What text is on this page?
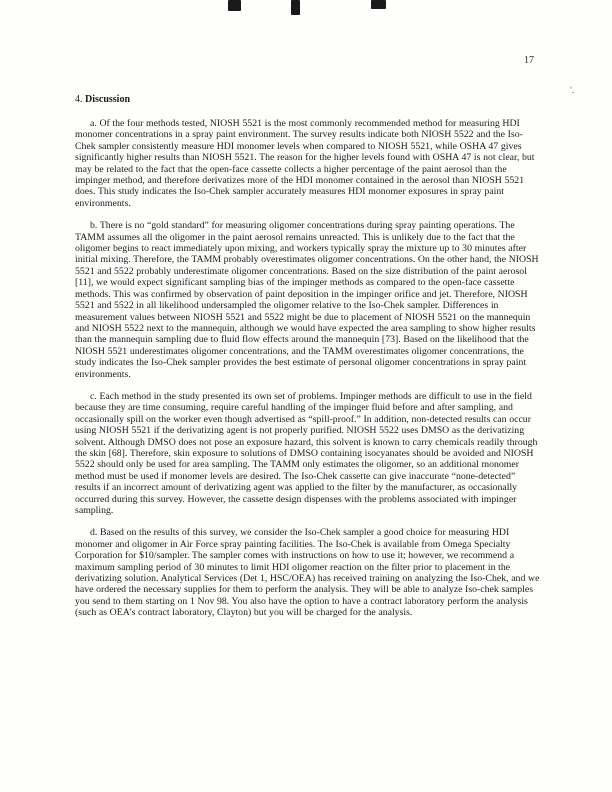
17
'.
4. Discussion

a. Of the four methods tested, NIOSH 5521 is the most commonly recommended method for measuring HDI monomer concentrations in a spray paint environment. The survey results indicate both NIOSH 5522 and the Iso-Chek sampler consistently measure HDI monomer levels when compared to NIOSH 5521, while OSHA 47 gives significantly higher results than NIOSH 5521. The reason for the higher levels found with OSHA 47 is not clear, but may be related to the fact that the open-face cassette collects a higher percentage of the paint aerosol than the impinger method, and therefore derivatizes more of the HDI monomer contained in the aerosol than NIOSH 5521 does. This study indicates the Iso-Chek sampler accurately measures HDI monomer exposures in spray paint environments.

b. There is no “gold standard” for measuring oligomer concentrations during spray painting operations. The TAMM assumes all the oligomer in the paint aerosol remains unreacted. This is unlikely due to the fact that the oligomer begins to react immediately upon mixing, and workers typically spray the mixture up to 30 minutes after initial mixing. Therefore, the TAMM probably overestimates oligomer concentrations. On the other hand, the NIOSH 5521 and 5522 probably underestimate oligomer concentrations. Based on the size distribution of the paint aerosol [11], we would expect significant sampling bias of the impinger methods as compared to the open-face cassette methods. This was confirmed by observation of paint deposition in the impinger orifice and jet. Therefore, NIOSH 5521 and 5522 in all likelihood undersampled the oligomer relative to the Iso-Chek sampler. Differences in measurement values between NIOSH 5521 and 5522 might be due to placement of NIOSH 5521 on the mannequin and NIOSH 5522 next to the mannequin, although we would have expected the area sampling to show higher results than the mannequin sampling due to fluid flow effects around the mannequin [73]. Based on the likelihood that the NIOSH 5521 underestimates oligomer concentrations, and the TAMM overestimates oligomer concentrations, the study indicates the Iso-Chek sampler provides the best estimate of personal oligomer concentrations in spray paint environments.

c. Each method in the study presented its own set of problems. Impinger methods are difficult to use in the field because they are time consuming, require careful handling of the impinger fluid before and after sampling, and occasionally spill on the worker even though advertised as “spill-proof.” In addition, non-detected results can occur using NIOSH 5521 if the derivatizing agent is not properly purified. NIOSH 5522 uses DMSO as the derivatizing solvent. Although DMSO does not pose an exposure hazard, this solvent is known to carry chemicals readily through the skin [68]. Therefore, skin exposure to solutions of DMSO containing isocyanates should be avoided and NIOSH 5522 should only be used for area sampling. The TAMM only estimates the oligomer, so an additional monomer method must be used if monomer levels are desired. The Iso-Chek cassette can give inaccurate “none-detected” results if an incorrect amount of derivatizing agent was applied to the filter by the manufacturer, as occasionally occurred during this survey. However, the cassette design dispenses with the problems associated with impinger sampling.

d. Based on the results of this survey, we consider the Iso-Chek sampler a good choice for measuring HDI monomer and oligomer in Air Force spray painting facilities. The Iso-Chek is available from Omega Specialty Corporation for $10/sampler. The sampler comes with instructions on how to use it; however, we recommend a maximum sampling period of 30 minutes to limit HDI oligomer reaction on the filter prior to placement in the derivatizing solution. Analytical Services (Det 1, HSC/OEA) has received training on analyzing the Iso-Chek, and we have ordered the necessary supplies for them to perform the analysis. They will be able to analyze Iso-chek samples you send to them starting on 1 Nov 98. You also have the option to have a contract laboratory perform the analysis (such as OEA's contract laboratory, Clayton) but you will be charged for the analysis.
